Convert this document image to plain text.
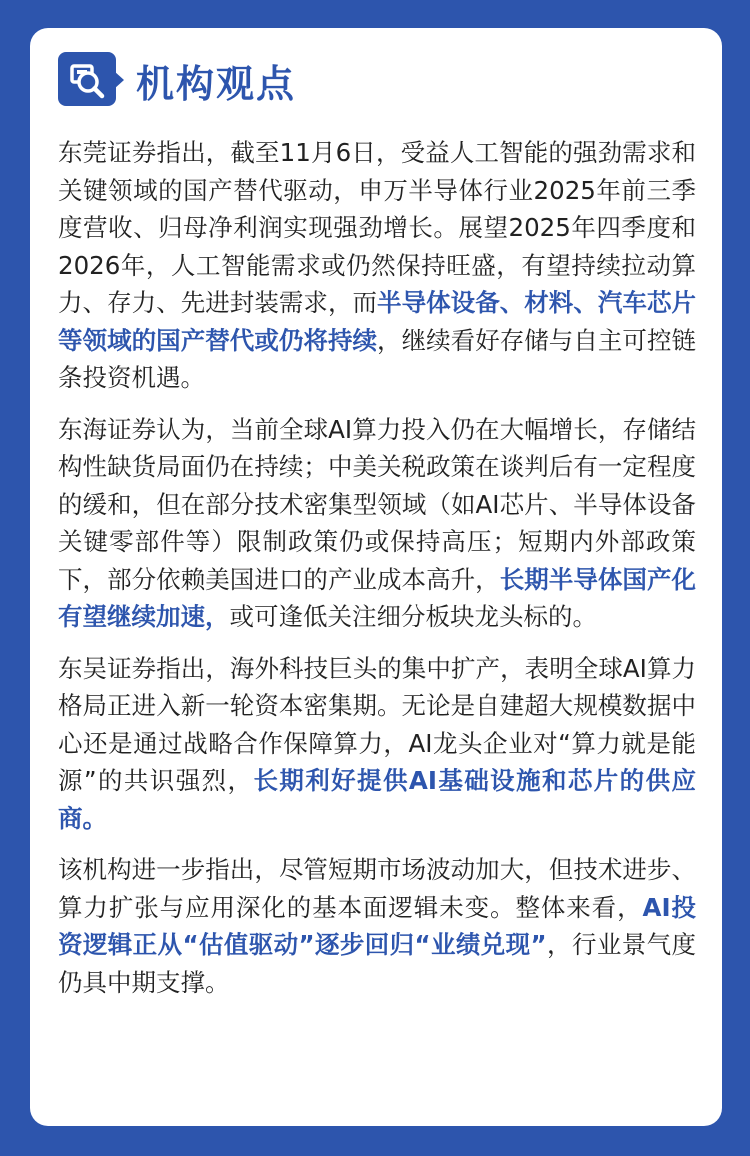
机构观点

东莞证券指出，截至11月6日，受益人工智能的强劲需求和关键领域的国产替代驱动，申万半导体行业2025年前三季度营收、归母净利润实现强劲增长。展望2025年四季度和2026年，人工智能需求或仍然保持旺盛，有望持续拉动算力、存力、先进封装需求，而半导体设备、材料、汽车芯片等领域的国产替代或仍将持续，继续看好存储与自主可控链条投资机遇。

东海证券认为，当前全球AI算力投入仍在大幅增长，存储结构性缺货局面仍在持续；中美关税政策在谈判后有一定程度的缓和，但在部分技术密集型领域（如AI芯片、半导体设备关键零部件等）限制政策仍或保持高压；短期内外部政策下，部分依赖美国进口的产业成本高升，长期半导体国产化有望继续加速，或可逢低关注细分板块龙头标的。

东吴证券指出，海外科技巨头的集中扩产，表明全球AI算力格局正进入新一轮资本密集期。无论是自建超大规模数据中心还是通过战略合作保障算力，AI龙头企业对“算力就是能源”的共识强烈，长期利好提供AI基础设施和芯片的供应商。

该机构进一步指出，尽管短期市场波动加大，但技术进步、算力扩张与应用深化的基本面逻辑未变。整体来看，AI投资逻辑正从“估值驱动”逐步回归“业绩兑现”，行业景气度仍具中期支撑。
